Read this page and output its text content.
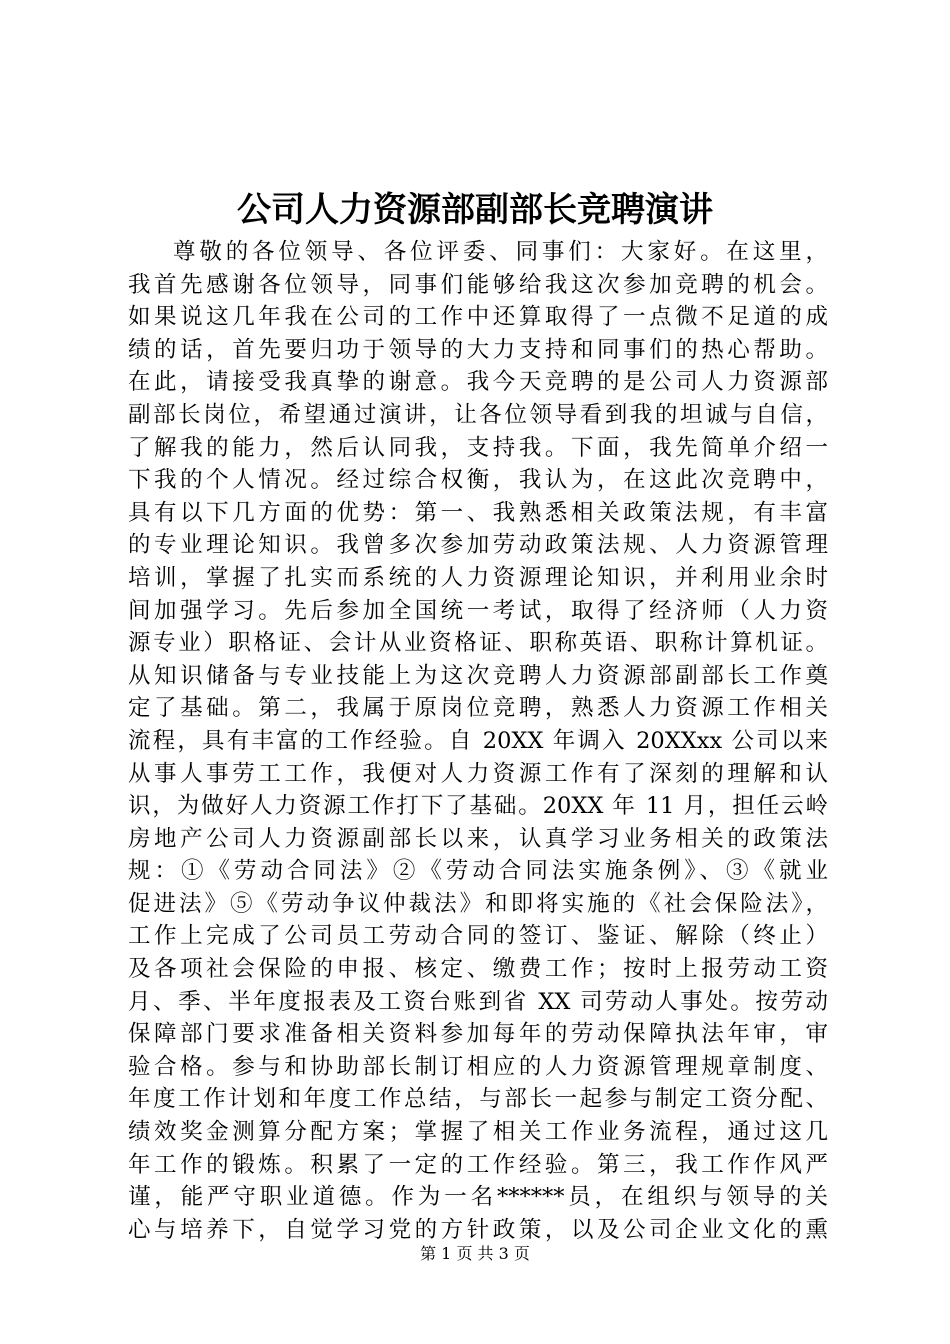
公司人力资源部副部长竞聘演讲
尊敬的各位领导、各位评委、同事们：大家好。在这里，
我首先感谢各位领导，同事们能够给我这次参加竞聘的机会。
如果说这几年我在公司的工作中还算取得了一点微不足道的成
绩的话，首先要归功于领导的大力支持和同事们的热心帮助。
在此，请接受我真挚的谢意。我今天竞聘的是公司人力资源部
副部长岗位，希望通过演讲，让各位领导看到我的坦诚与自信，
了解我的能力，然后认同我，支持我。下面，我先简单介绍一
下我的个人情况。经过综合权衡，我认为，在这此次竞聘中，
具有以下几方面的优势：第一、我熟悉相关政策法规，有丰富
的专业理论知识。我曾多次参加劳动政策法规、人力资源管理
培训，掌握了扎实而系统的人力资源理论知识，并利用业余时
间加强学习。先后参加全国统一考试，取得了经济师（人力资
源专业）职格证、会计从业资格证、职称英语、职称计算机证。
从知识储备与专业技能上为这次竞聘人力资源部副部长工作奠
定了基础。第二，我属于原岗位竞聘，熟悉人力资源工作相关
流程，具有丰富的工作经验。自 20XX 年调入 20XXxx 公司以来
从事人事劳工工作，我便对人力资源工作有了深刻的理解和认
识，为做好人力资源工作打下了基础。20XX 年 11 月，担任云岭
房地产公司人力资源副部长以来，认真学习业务相关的政策法
规：①《劳动合同法》②《劳动合同法实施条例》、③《就业
促进法》⑤《劳动争议仲裁法》和即将实施的《社会保险法》，
工作上完成了公司员工劳动合同的签订、鉴证、解除（终止）
及各项社会保险的申报、核定、缴费工作；按时上报劳动工资
月、季、半年度报表及工资台账到省 XX 司劳动人事处。按劳动
保障部门要求准备相关资料参加每年的劳动保障执法年审，审
验合格。参与和协助部长制订相应的人力资源管理规章制度、
年度工作计划和年度工作总结，与部长一起参与制定工资分配、
绩效奖金测算分配方案；掌握了相关工作业务流程，通过这几
年工作的锻炼。积累了一定的工作经验。第三，我工作作风严
谨，能严守职业道德。作为一名******员，在组织与领导的关
心与培养下，自觉学习党的方针政策，以及公司企业文化的熏
第 1 页 共 3 页
